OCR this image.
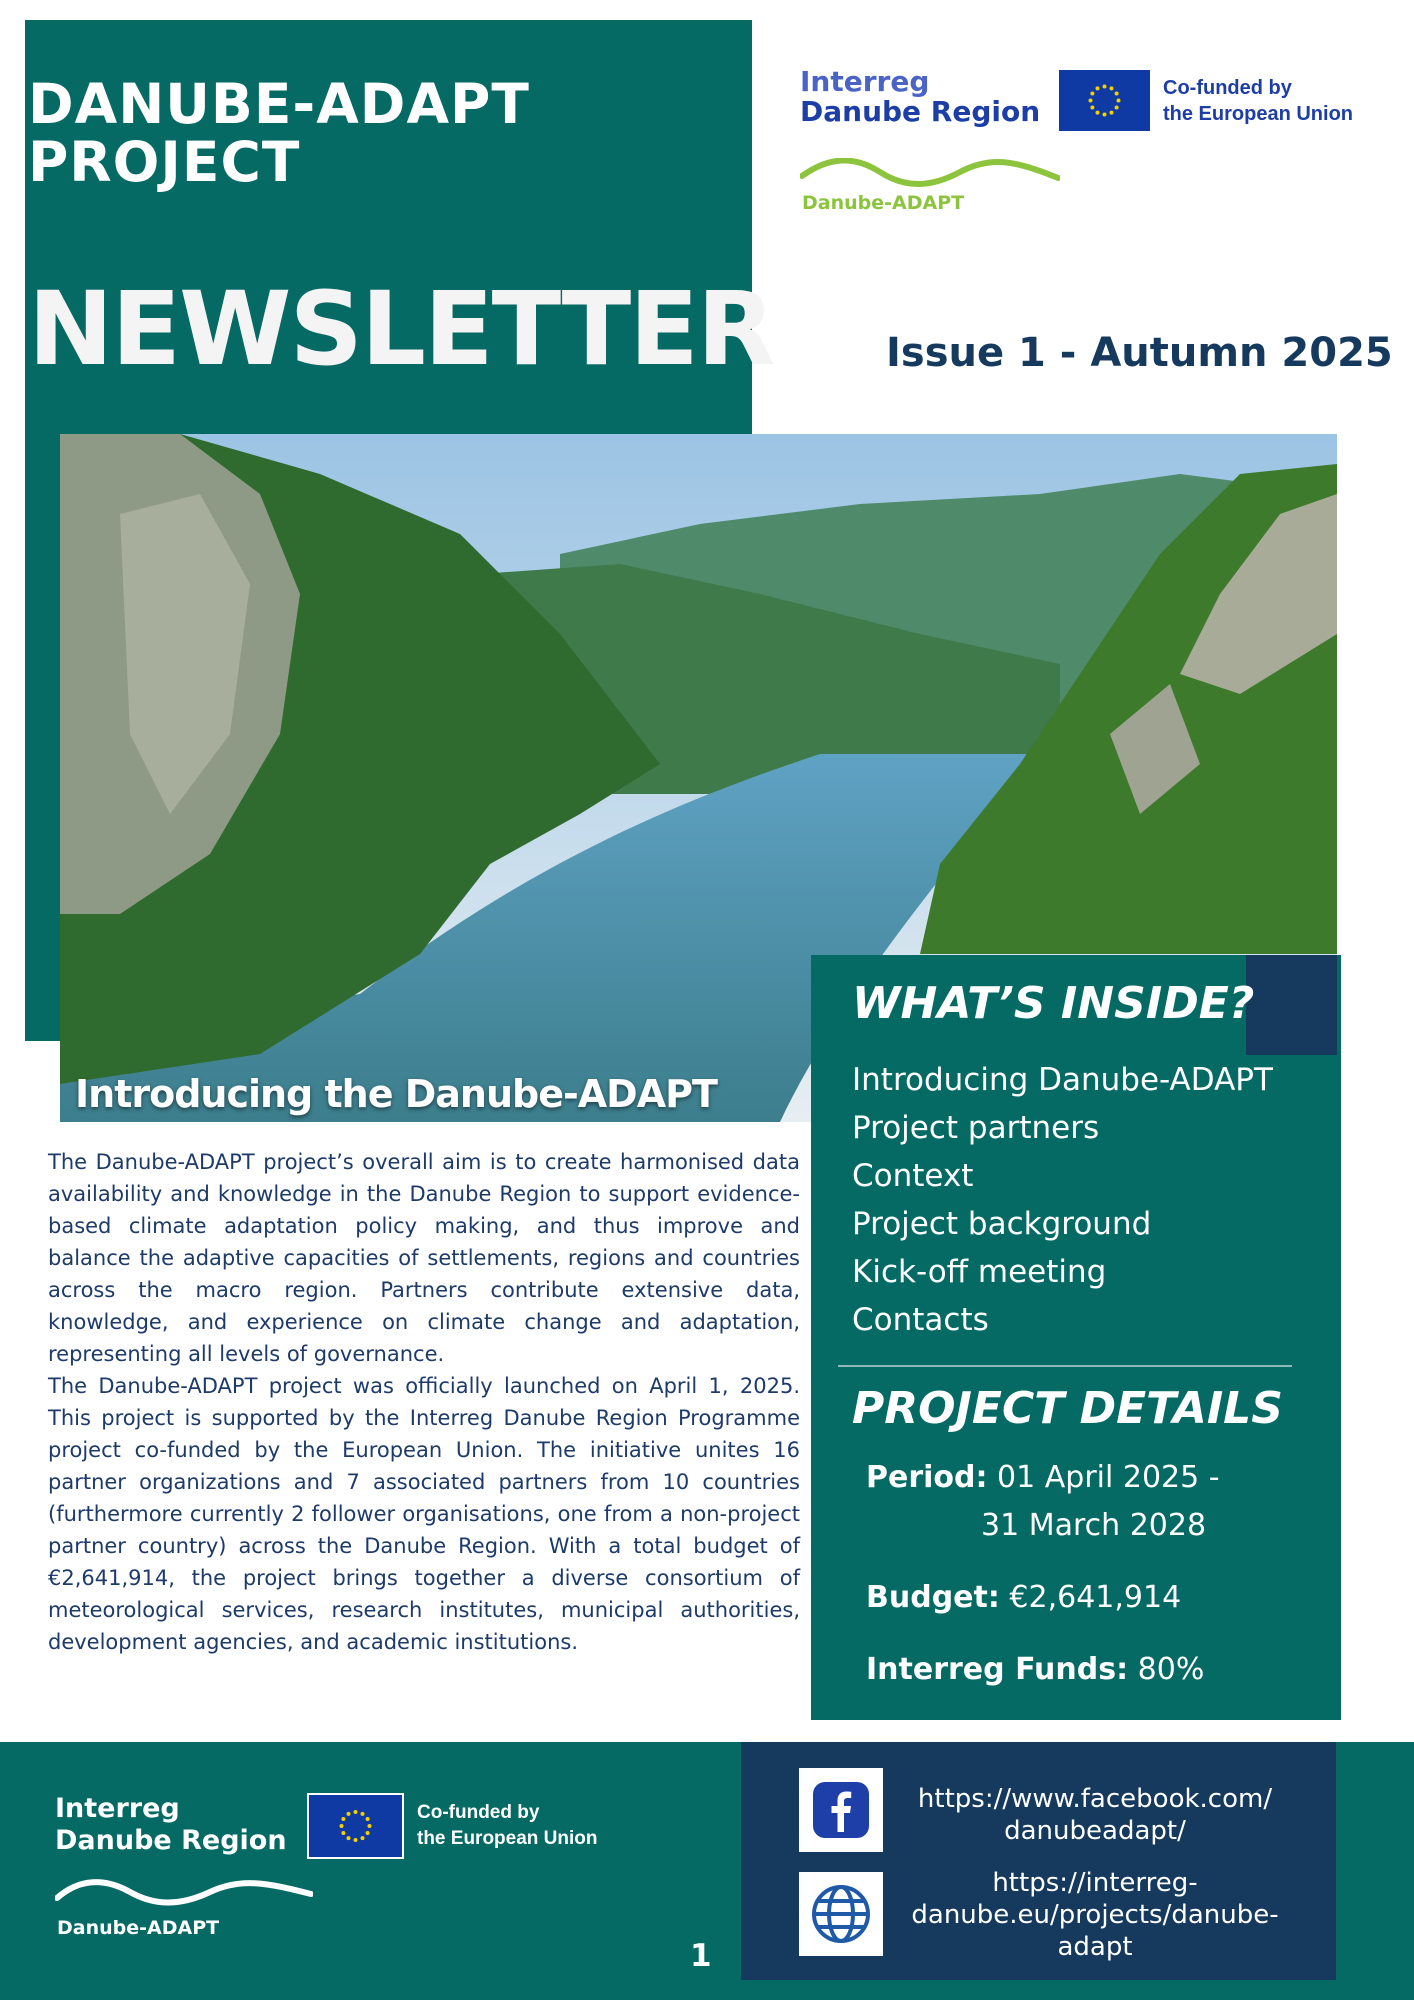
DANUBE-ADAPT
PROJECT
NEWSLETTER
Interreg
Danube Region
Co-funded by
the European Union
Danube-ADAPT
Issue 1 - Autumn 2025
Introducing the Danube-ADAPT

The Danube-ADAPT project’s overall aim is to create harmonised data availability and knowledge in the Danube Region to support evidence-based climate adaptation policy making, and thus improve and balance the adaptive capacities of settlements, regions and countries across the macro region. Partners contribute extensive data, knowledge, and experience on climate change and adaptation, representing all levels of governance.

The Danube-ADAPT project was officially launched on April 1, 2025. This project is supported by the Interreg Danube Region Programme project co-funded by the European Union. The initiative unites 16 partner organizations and 7 associated partners from 10 countries (furthermore currently 2 follower organisations, one from a non-project partner country) across the Danube Region. With a total budget of €2,641,914, the project brings together a diverse consortium of meteorological services, research institutes, municipal authorities, development agencies, and academic institutions.

WHAT’S INSIDE?
Introducing Danube-ADAPT
Project partners
Context
Project background
Kick-off meeting
Contacts
PROJECT DETAILS
Period: 01 April 2025 -
31 March 2028
Budget: €2,641,914
Interreg Funds: 80%
Interreg
Danube Region
Co-funded by
the European Union
Danube-ADAPT
1
https://www.facebook.com/ danubeadapt/
https://interreg- danube.eu/projects/danube- adapt
